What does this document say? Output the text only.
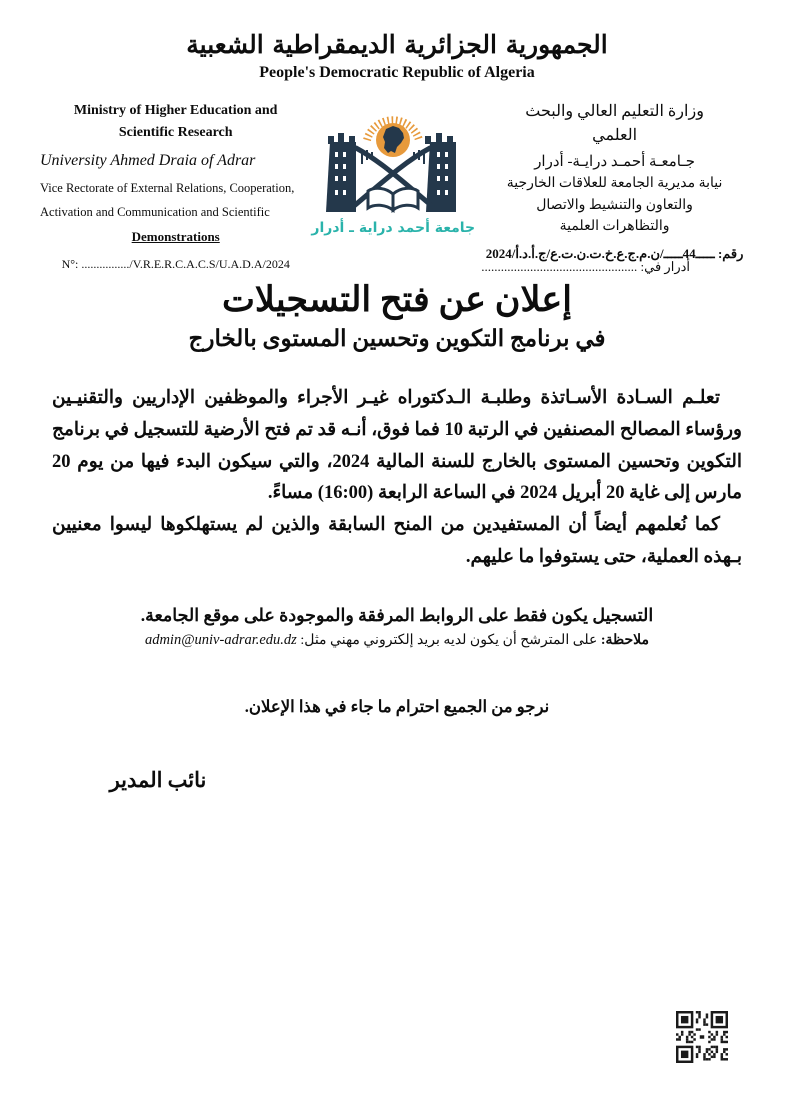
الجمهورية الجزائرية الديمقراطية الشعبية
People's Democratic Republic of Algeria
Ministry of Higher Education and
Scientific Research
University Ahmed Draia of Adrar
Vice Rectorate of External Relations, Cooperation,
Activation and Communication and Scientific
Demonstrations
N°: ................/V.R.E.R.C.A.C.S/U.A.D.A/2024
جامعة أحمد دراية ـ أدرار
وزارة التعليم العالي والبحث
العلمي
جـامعـة أحمـد درايـة- أدرار
نيابة مديرية الجامعة للعلاقات الخارجية
والتعاون والتنشيط والاتصال
والتظاهرات العلمية
رقم: ـــــ44ـــــ/ن.م.ج.ع.خ.ت.ن.ت.ع/ج.أ.د.أ/2024
أدرار في: ................................................
إعلان عن فتح التسجيلات
في برنامج التكوين وتحسين المستوى بالخارج

تعلـم السـادة الأسـاتذة وطلبـة الـدكتوراه غيـر الأجراء والموظفين الإداريين والتقنيـين ورؤساء المصالح المصنفين في الرتبة 10 فما فوق، أنـه قد تم فتح الأرضية للتسجيل في برنامج التكوين وتحسين المستوى بالخارج للسنة المالية 2024، والتي سيكون البدء فيها من يوم 20 مارس إلى غاية 20 أبريل 2024 في الساعة الرابعة (16:00) مساءً.

كما نُعلمهم أيضاً أن المستفيدين من المنح السابقة والذين لم يستهلكوها ليسوا معنيين بـهذه العملية، حتى يستوفوا ما عليهم.

التسجيل يكون فقط على الروابط المرفقة والموجودة على موقع الجامعة.

ملاحظة: على المترشح أن يكون لديه بريد إلكتروني مهني مثل: admin@univ-adrar.edu.dz
نرجو من الجميع احترام ما جاء في هذا الإعلان.
نائب المدير
